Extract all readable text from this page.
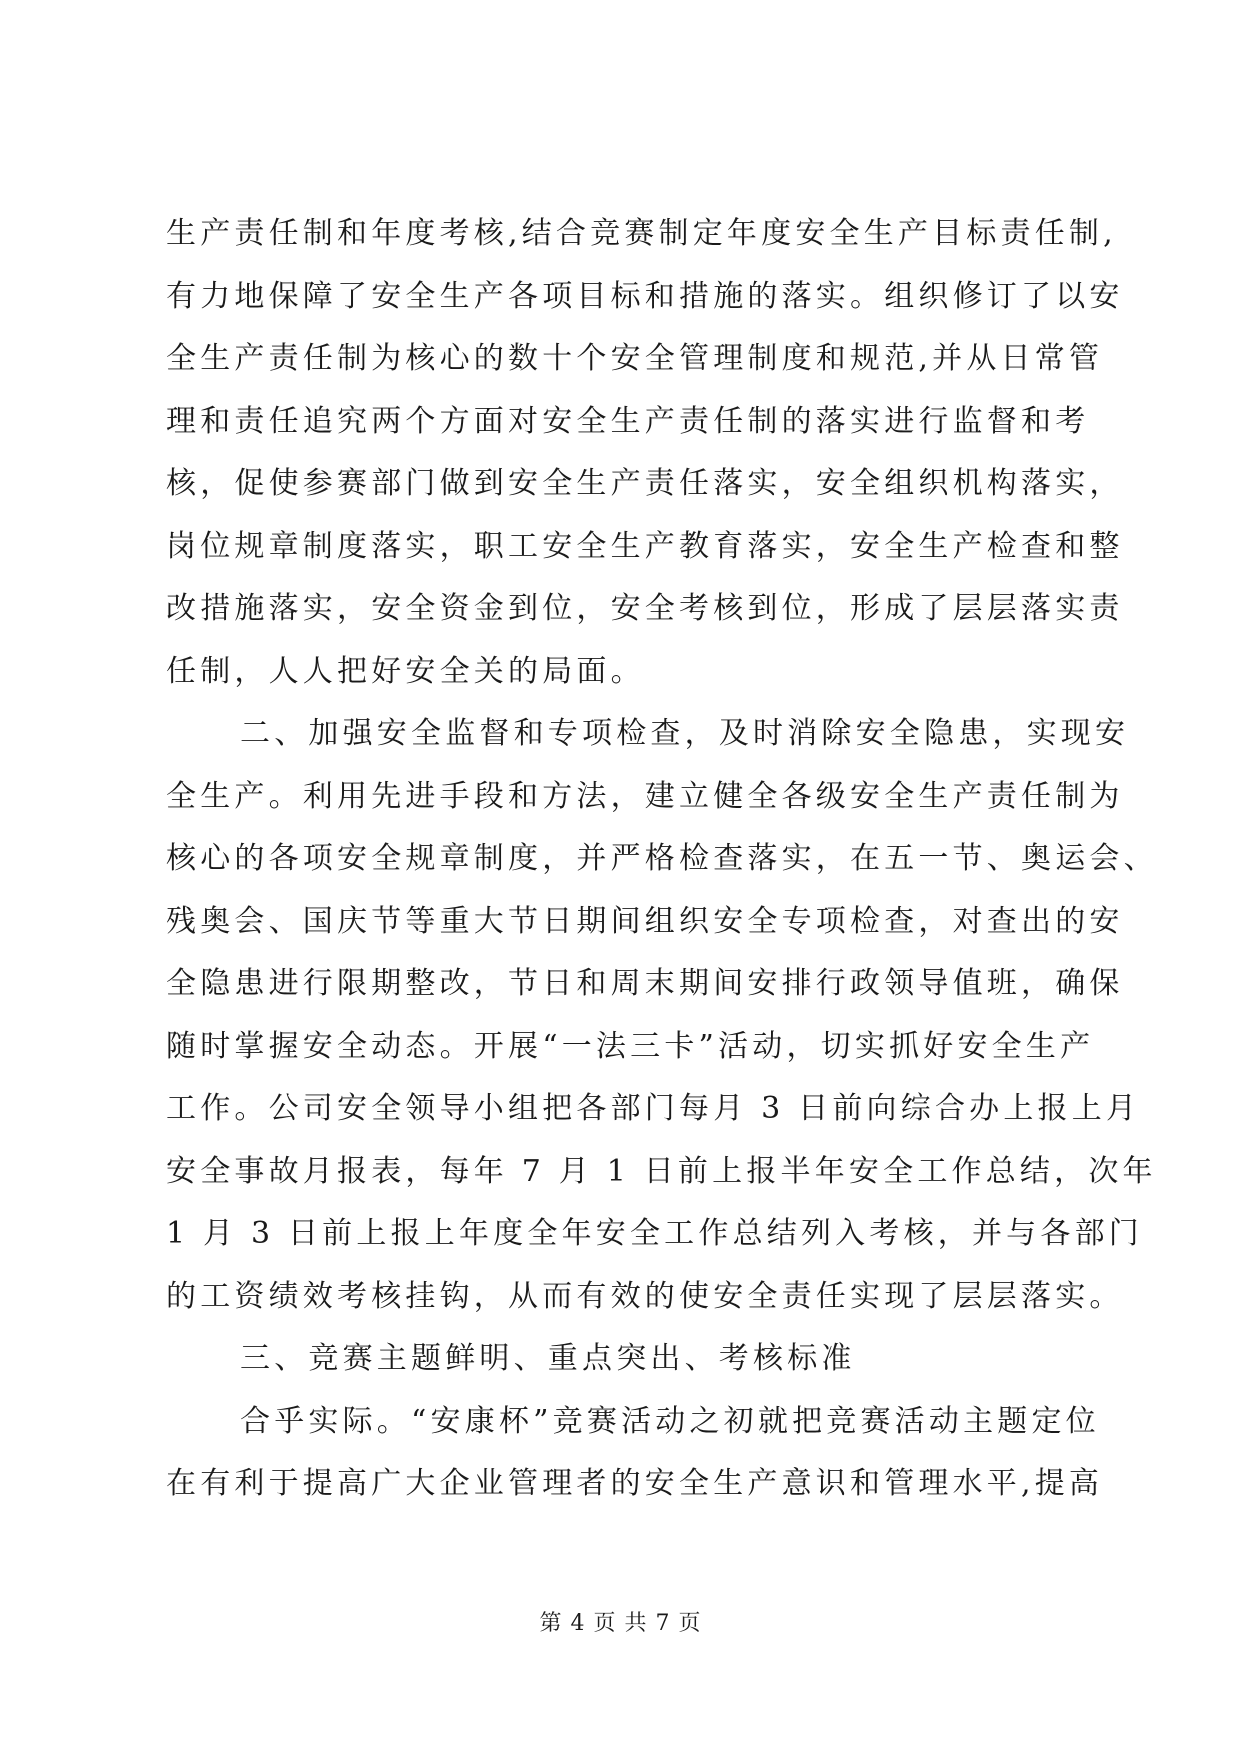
生产责任制和年度考核,结合竞赛制定年度安全生产目标责任制,
有力地保障了安全生产各项目标和措施的落实。组织修订了以安
全生产责任制为核心的数十个安全管理制度和规范,并从日常管
理和责任追究两个方面对安全生产责任制的落实进行监督和考
核，促使参赛部门做到安全生产责任落实，安全组织机构落实，
岗位规章制度落实，职工安全生产教育落实，安全生产检查和整
改措施落实，安全资金到位，安全考核到位，形成了层层落实责
任制，人人把好安全关的局面。
二、加强安全监督和专项检查，及时消除安全隐患，实现安
全生产。利用先进手段和方法，建立健全各级安全生产责任制为
核心的各项安全规章制度，并严格检查落实，在五一节、奥运会、
残奥会、国庆节等重大节日期间组织安全专项检查，对查出的安
全隐患进行限期整改，节日和周末期间安排行政领导值班，确保
随时掌握安全动态。开展“一法三卡”活动，切实抓好安全生产
工作。公司安全领导小组把各部门每月 3 日前向综合办上报上月
安全事故月报表，每年 7 月 1 日前上报半年安全工作总结，次年
1 月 3 日前上报上年度全年安全工作总结列入考核，并与各部门
的工资绩效考核挂钩，从而有效的使安全责任实现了层层落实。
三、竞赛主题鲜明、重点突出、考核标准
合乎实际。“安康杯”竞赛活动之初就把竞赛活动主题定位
在有利于提高广大企业管理者的安全生产意识和管理水平,提高
第 4 页 共 7 页
